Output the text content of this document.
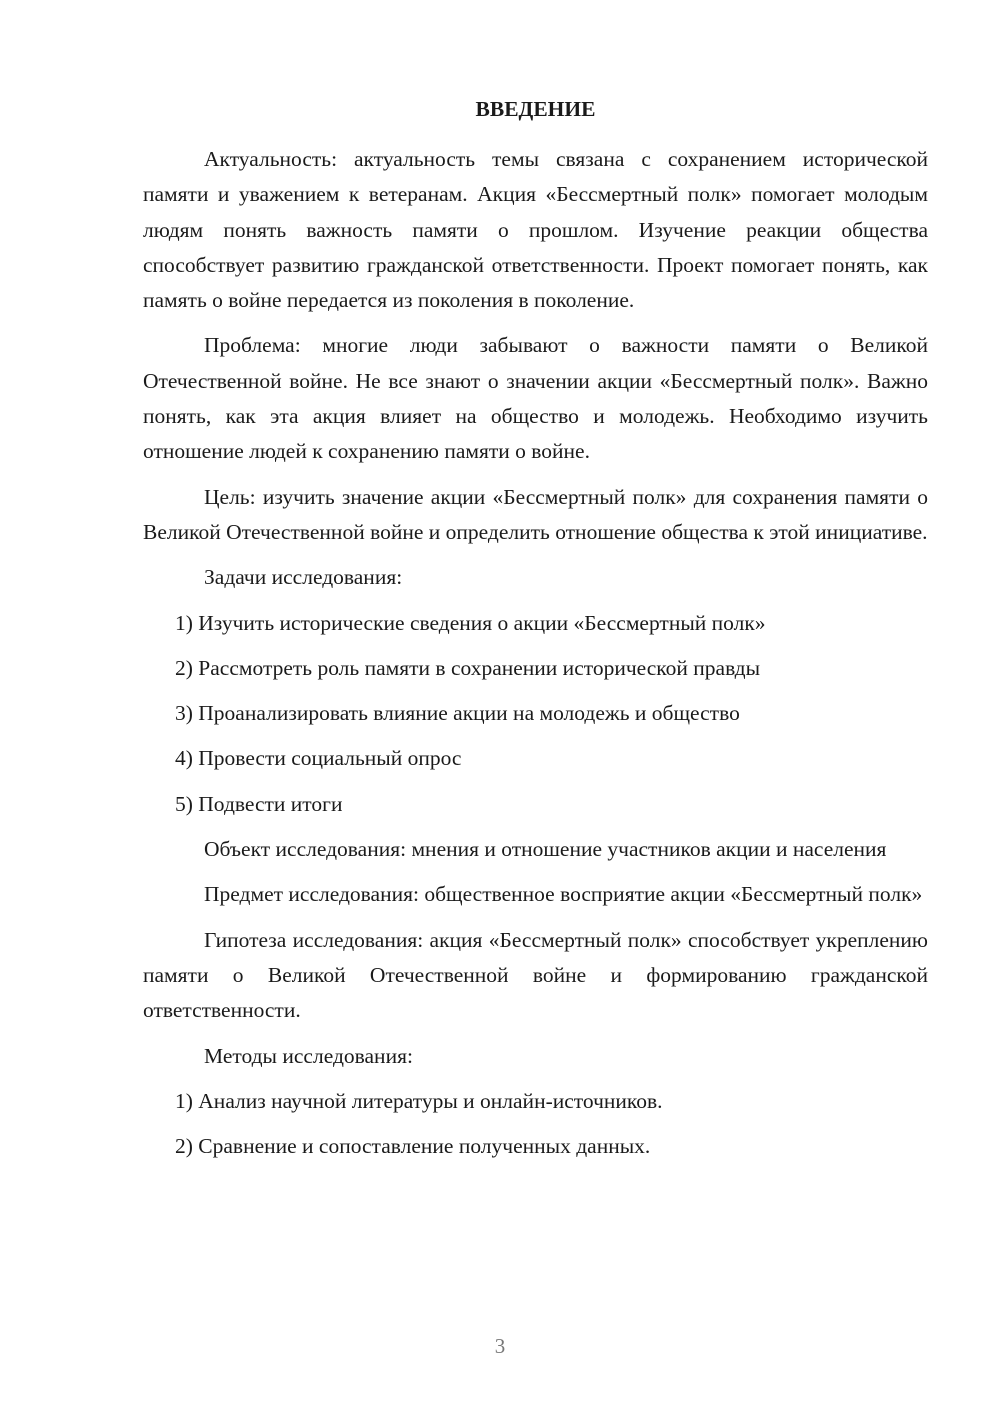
ВВЕДЕНИЕ

Актуальность: актуальность темы связана с сохранением исторической памяти и уважением к ветеранам. Акция «Бессмертный полк» помогает молодым людям понять важность памяти о прошлом. Изучение реакции общества способствует развитию гражданской ответственности. Проект помогает понять, как память о войне передается из поколения в поколение.

Проблема: многие люди забывают о важности памяти о Великой Отечественной войне. Не все знают о значении акции «Бессмертный полк». Важно понять, как эта акция влияет на общество и молодежь. Необходимо изучить отношение людей к сохранению памяти о войне.

Цель: изучить значение акции «Бессмертный полк» для сохранения памяти о Великой Отечественной войне и определить отношение общества к этой инициативе.

Задачи исследования:

1) Изучить исторические сведения о акции «Бессмертный полк»

2) Рассмотреть роль памяти в сохранении исторической правды

3) Проанализировать влияние акции на молодежь и общество

4) Провести социальный опрос

5) Подвести итоги

Объект исследования: мнения и отношение участников акции и населения

Предмет исследования: общественное восприятие акции «Бессмертный полк»

Гипотеза исследования: акция «Бессмертный полк» способствует укреплению памяти о Великой Отечественной войне и формированию гражданской ответственности.

Методы исследования:

1) Анализ научной литературы и онлайн-источников.

2) Сравнение и сопоставление полученных данных.

3
